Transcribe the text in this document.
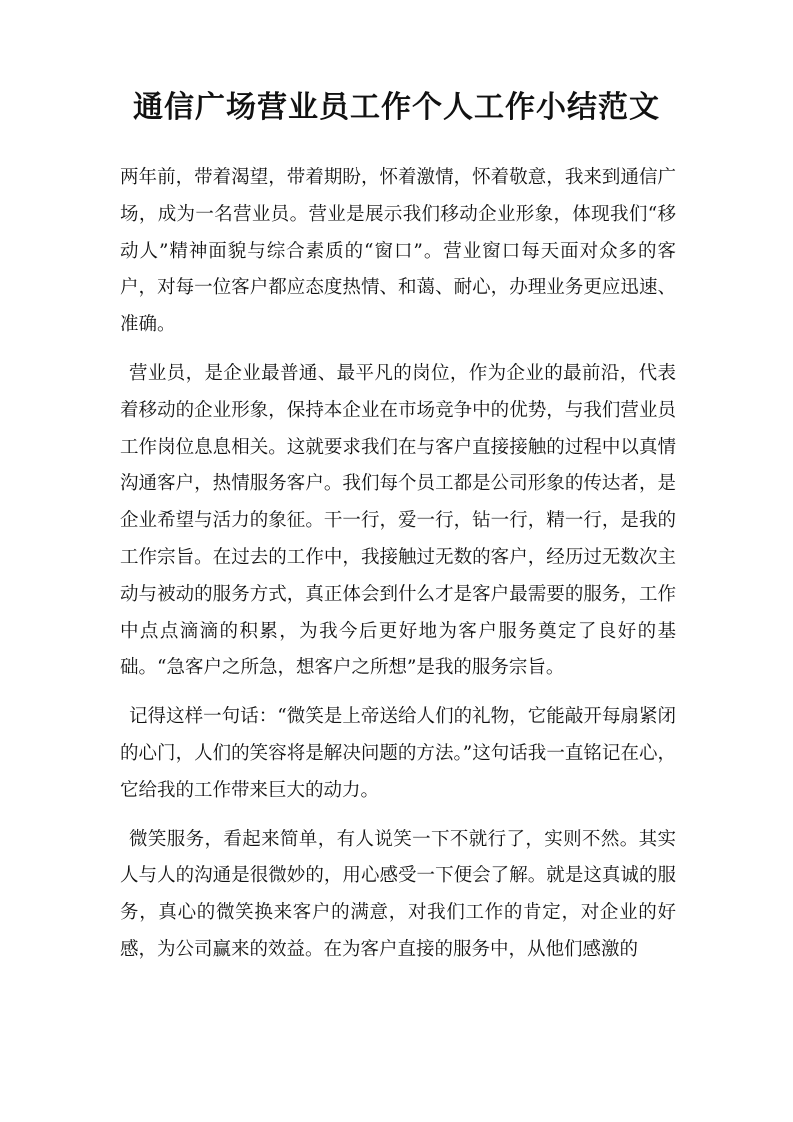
通信广场营业员工作个人工作小结范文

两年前，带着渴望，带着期盼，怀着激情，怀着敬意，我来到通信广场，成为一名营业员。营业是展示我们移动企业形象，体现我们“移动人”精神面貌与综合素质的“窗口”。营业窗口每天面对众多的客户，对每一位客户都应态度热情、和蔼、耐心，办理业务更应迅速、准确。

营业员，是企业最普通、最平凡的岗位，作为企业的最前沿，代表着移动的企业形象，保持本企业在市场竞争中的优势，与我们营业员工作岗位息息相关。这就要求我们在与客户直接接触的过程中以真情沟通客户，热情服务客户。我们每个员工都是公司形象的传达者，是企业希望与活力的象征。干一行，爱一行，钻一行，精一行，是我的工作宗旨。在过去的工作中，我接触过无数的客户，经历过无数次主动与被动的服务方式，真正体会到什么才是客户最需要的服务，工作中点点滴滴的积累，为我今后更好地为客户服务奠定了良好的基础。“急客户之所急，想客户之所想”是我的服务宗旨。

记得这样一句话：“微笑是上帝送给人们的礼物，它能敲开每扇紧闭的心门，人们的笑容将是解决问题的方法。”这句话我一直铭记在心，它给我的工作带来巨大的动力。

微笑服务，看起来简单，有人说笑一下不就行了，实则不然。其实人与人的沟通是很微妙的，用心感受一下便会了解。就是这真诚的服务，真心的微笑换来客户的满意，对我们工作的肯定，对企业的好感，为公司赢来的效益。在为客户直接的服务中，从他们感激的
